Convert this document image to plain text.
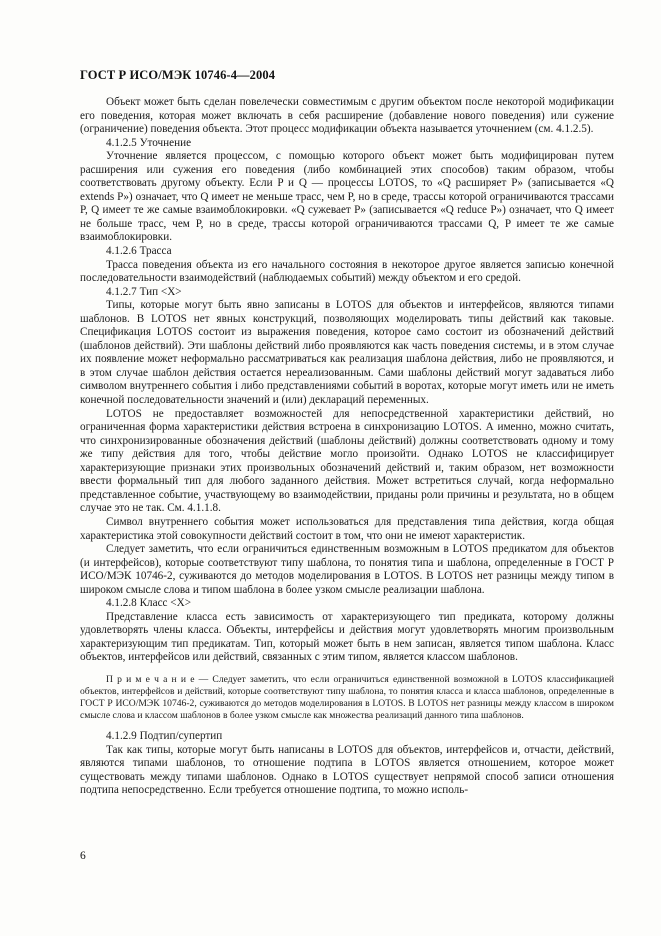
ГОСТ Р ИСО/МЭК 10746-4—2004

Объект может быть сделан повелечески совместимым с другим объектом после некоторой модификации его поведения, которая может включать в себя расширение (добавление нового поведения) или сужение (ограничение) поведения объекта. Этот процесс модификации объекта называется уточнением (см. 4.1.2.5).

4.1.2.5 Уточнение

Уточнение является процессом, с помощью которого объект может быть модифицирован путем расширения или сужения его поведения (либо комбинацией этих способов) таким образом, чтобы соответствовать другому объекту. Если P и Q — процессы LOTOS, то «Q расширяет P» (записывается «Q extends P») означает, что Q имеет не меньше трасс, чем P, но в среде, трассы которой ограничиваются трассами P, Q имеет те же самые взаимоблокировки. «Q сужевает P» (записывается «Q reduce P») означает, что Q имеет не больше трасс, чем P, но в среде, трассы которой ограничиваются трассами Q, P имеет те же самые взаимоблокировки.

4.1.2.6 Трасса

Трасса поведения объекта из его начального состояния в некоторое другое является записью конечной последовательности взаимодействий (наблюдаемых событий) между объектом и его средой.

4.1.2.7 Тип <X>

Типы, которые могут быть явно записаны в LOTOS для объектов и интерфейсов, являются типами шаблонов. В LOTOS нет явных конструкций, позволяющих моделировать типы действий как таковые. Спецификация LOTOS состоит из выражения поведения, которое само состоит из обозначений действий (шаблонов действий). Эти шаблоны действий либо проявляются как часть поведения системы, и в этом случае их появление может неформально рассматриваться как реализация шаблона действия, либо не проявляются, и в этом случае шаблон действия остается нереализованным. Сами шаблоны действий могут задаваться либо символом внутреннего события i либо представлениями событий в воротах, которые могут иметь или не иметь конечной последовательности значений и (или) деклараций переменных.

LOTOS не предоставляет возможностей для непосредственной характеристики действий, но ограниченная форма характеристики действия встроена в синхронизацию LOTOS. А именно, можно считать, что синхронизированные обозначения действий (шаблоны действий) должны соответствовать одному и тому же типу действия для того, чтобы действие могло произойти. Однако LOTOS не классифицирует характеризующие признаки этих произвольных обозначений действий и, таким образом, нет возможности ввести формальный тип для любого заданного действия. Может встретиться случай, когда неформально представленное событие, участвующему во взаимодействии, приданы роли причины и результата, но в общем случае это не так. См. 4.1.1.8.

Символ внутреннего события может использоваться для представления типа действия, когда общая характеристика этой совокупности действий состоит в том, что они не имеют характеристик.

Следует заметить, что если ограничиться единственным возможным в LOTOS предикатом для объектов (и интерфейсов), которые соответствуют типу шаблона, то понятия типа и шаблона, определенные в ГОСТ Р ИСО/МЭК 10746-2, суживаются до методов моделирования в LOTOS. В LOTOS нет разницы между типом в широком смысле слова и типом шаблона в более узком смысле реализации шаблона.

4.1.2.8 Класс <X>

Представление класса есть зависимость от характеризующего тип предиката, которому должны удовлетворять члены класса. Объекты, интерфейсы и действия могут удовлетворять многим произвольным характеризующим тип предикатам. Тип, который может быть в нем записан, является типом шаблона. Класс объектов, интерфейсов или действий, связанных с этим типом, является классом шаблонов.

П р и м е ч а н и е — Следует заметить, что если ограничиться единственной возможной в LOTOS классификацией объектов, интерфейсов и действий, которые соответствуют типу шаблона, то понятия класса и класса шаблонов, определенные в ГОСТ Р ИСО/МЭК 10746-2, суживаются до методов моделирования в LOTOS. В LOTOS нет разницы между классом в широком смысле слова и классом шаблонов в более узком смысле как множества реализаций данного типа шаблонов.

4.1.2.9 Подтип/супертип

Так как типы, которые могут быть написаны в LOTOS для объектов, интерфейсов и, отчасти, действий, являются типами шаблонов, то отношение подтипа в LOTOS является отношением, которое может существовать между типами шаблонов. Однако в LOTOS существует непрямой способ записи отношения подтипа непосредственно. Если требуется отношение подтипа, то можно исполь-

6
